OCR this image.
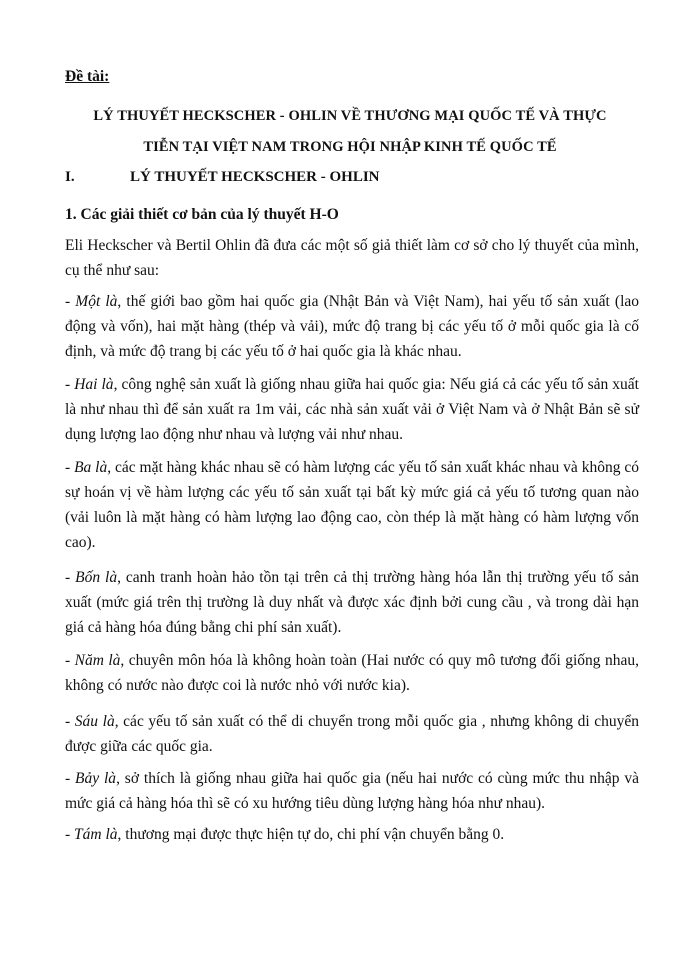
Đề tài:
LÝ THUYẾT HECKSCHER - OHLIN VỀ THƯƠNG MẠI QUỐC TẾ VÀ THỰC
TIỄN TẠI VIỆT NAM TRONG HỘI NHẬP KINH TẾ QUỐC TẾ
I.	LÝ THUYẾT HECKSCHER - OHLIN
1. Các giải thiết cơ bản của lý thuyết H-O

Eli Heckscher và Bertil Ohlin đã đưa các một số giả thiết làm cơ sở cho lý thuyết của mình, cụ thể như sau:

- Một là, thế giới bao gồm hai quốc gia (Nhật Bản và Việt Nam), hai yếu tố sản xuất (lao động và vốn), hai mặt hàng (thép và vải), mức độ trang bị các yếu tố ở mỗi quốc gia là cố định, và mức độ trang bị các yếu tố ở hai quốc gia là khác nhau.

- Hai là, công nghệ sản xuất là giống nhau giữa hai quốc gia: Nếu giá cả các yếu tố sản xuất là như nhau thì để sản xuất ra 1m vải, các nhà sản xuất vải ở Việt Nam và ở Nhật Bản sẽ sử dụng lượng lao động như nhau và lượng vải như nhau.

- Ba là, các mặt hàng khác nhau sẽ có hàm lượng các yếu tố sản xuất khác nhau và không có sự hoán vị về hàm lượng các yếu tố sản xuất tại bất kỳ mức giá cả yếu tố tương quan nào (vải luôn là mặt hàng có hàm lượng lao động cao, còn thép là mặt hàng có hàm lượng vốn cao).

- Bốn là, canh tranh hoàn hảo tồn tại trên cả thị trường hàng hóa lẫn thị trường yếu tố sản xuất (mức giá trên thị trường là duy nhất và được xác định bởi cung cầu , và trong dài hạn giá cả hàng hóa đúng bằng chi phí sản xuất).

- Năm là, chuyên môn hóa là không hoàn toàn (Hai nước có quy mô tương đối giống nhau, không có nước nào được coi là nước nhỏ với nước kia).

- Sáu là, các yếu tố sản xuất có thể di chuyển trong mỗi quốc gia , nhưng không di chuyển được giữa các quốc gia.

- Bảy là, sở thích là giống nhau giữa hai quốc gia (nếu hai nước có cùng mức thu nhập và mức giá cả hàng hóa thì sẽ có xu hướng tiêu dùng lượng hàng hóa như nhau).

- Tám là, thương mại được thực hiện tự do, chi phí vận chuyển bằng 0.
